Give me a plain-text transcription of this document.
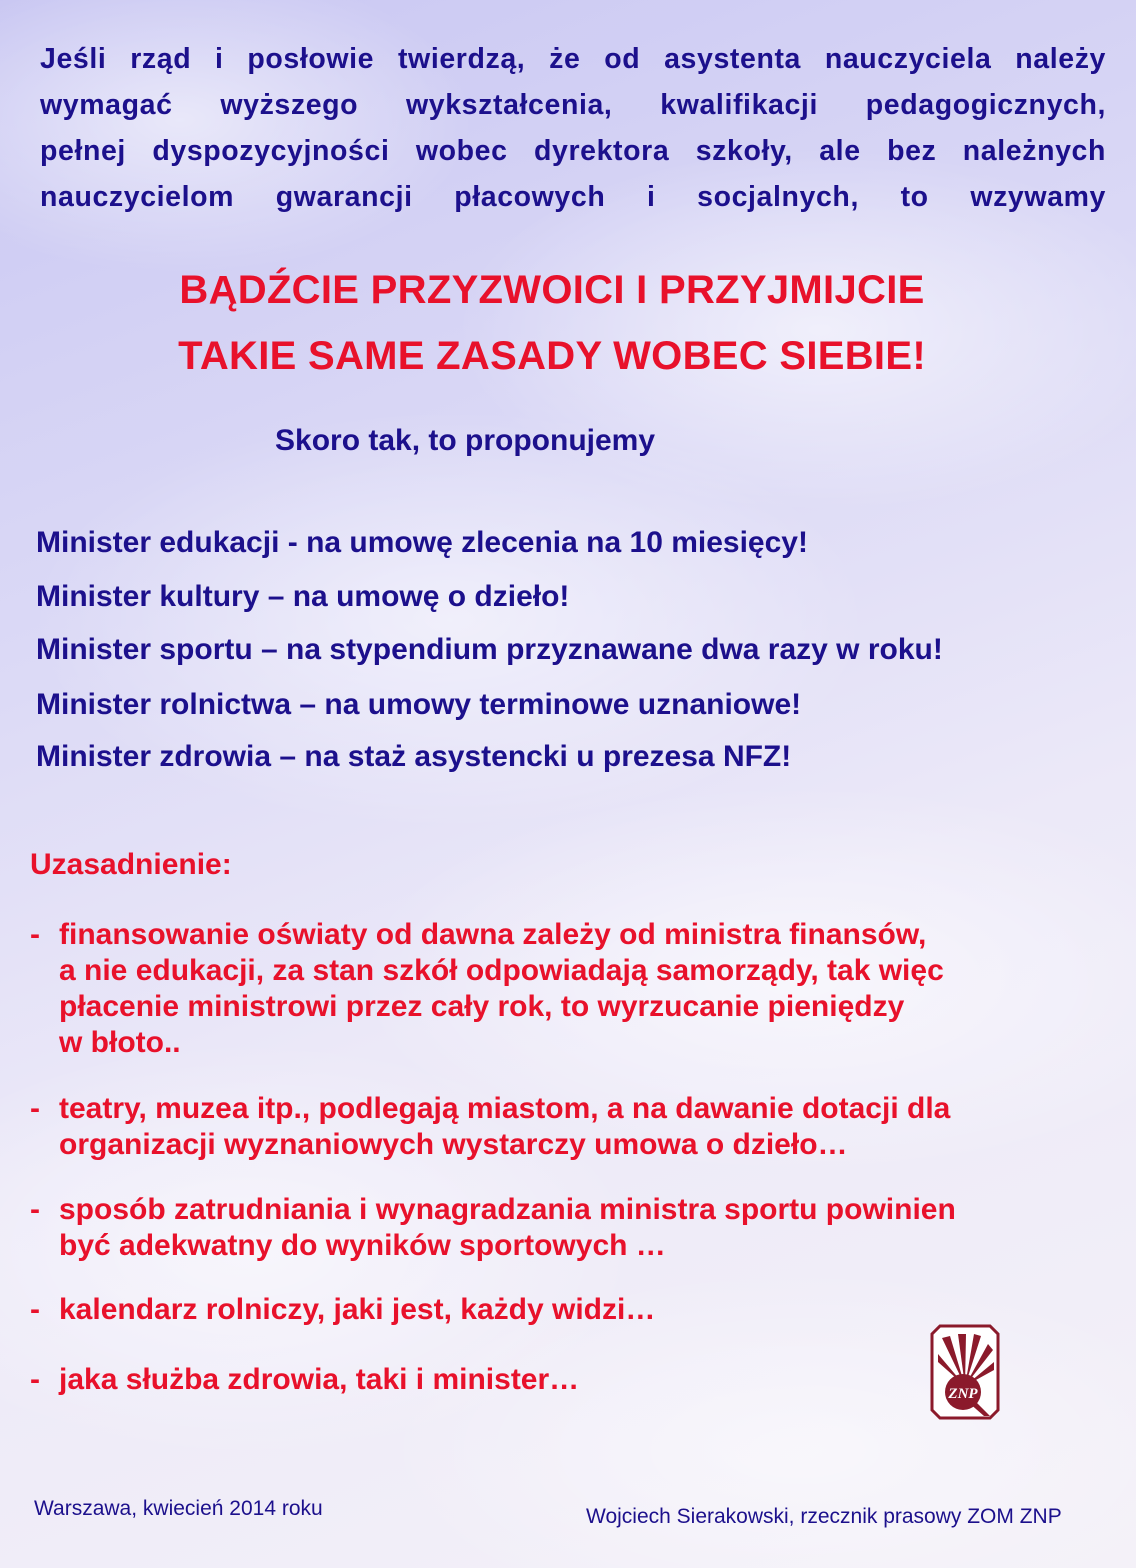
Jeśli rząd i posłowie twierdzą, że od asystenta nauczyciela należy
wymagać wyższego wykształcenia, kwalifikacji pedagogicznych,
pełnej dyspozycyjności wobec dyrektora szkoły, ale bez należnych
nauczycielom gwarancji płacowych i socjalnych, to wzywamy
BĄDŹCIE PRZYZWOICI I PRZYJMIJCIE
TAKIE SAME ZASADY WOBEC SIEBIE!
Skoro tak, to proponujemy
Minister edukacji - na umowę zlecenia na 10 miesięcy!
Minister kultury – na umowę o dzieło!
Minister sportu – na stypendium przyznawane dwa razy w roku!
Minister rolnictwa – na umowy terminowe uznaniowe!
Minister zdrowia – na staż asystencki u prezesa NFZ!
Uzasadnienie:
- finansowanie oświaty od dawna zależy od ministra finansów,
a nie edukacji, za stan szkół odpowiadają samorządy, tak więc
płacenie ministrowi przez cały rok, to wyrzucanie pieniędzy
w błoto..
- teatry, muzea itp., podlegają miastom, a na dawanie dotacji dla
organizacji wyznaniowych wystarczy umowa o dzieło…
- sposób zatrudniania i wynagradzania ministra sportu powinien
być adekwatny do wyników sportowych …
- kalendarz rolniczy, jaki jest, każdy widzi…
- jaka służba zdrowia, taki i minister…	ZNP
Warszawa, kwiecień 2014 roku	Wojciech Sierakowski, rzecznik prasowy ZOM ZNP
